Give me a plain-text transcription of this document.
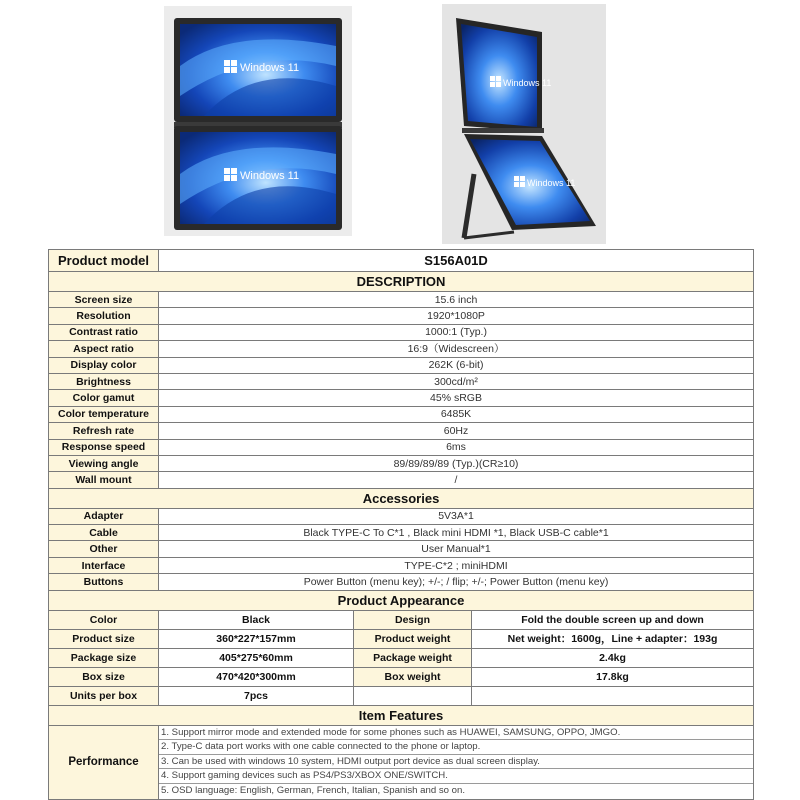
Windows 11
Windows 11
Windows 11
Windows 11
Product model	S156A01D		
DESCRIPTION			
Screen size	15.6 inch		
Resolution	1920*1080P		
Contrast ratio	1000:1 (Typ.)		
Aspect ratio	16:9（Widescreen）		
Display color	262K (6-bit)		
Brightness	300cd/m²		
Color gamut	45% sRGB		
Color temperature	6485K		
Refresh rate	60Hz		
Response speed	6ms		
Viewing angle	89/89/89/89 (Typ.)(CR≥10)		
Wall mount	/		
Accessories			
Adapter	5V3A*1		
Cable	Black TYPE-C To C*1 , Black mini HDMI *1, Black USB-C cable*1		
Other	User Manual*1		
Interface	TYPE-C*2 ; miniHDMI		
Buttons	Power Button (menu key); +/-; / flip; +/-; Power Button (menu key)		
Product Appearance			
Color	Black	Design	Fold the double screen up and down
Product size	360*227*157mm	Product weight	Net weight：1600g，Line + adapter：193g
Package size	405*275*60mm	Package weight	2.4kg
Box size	470*420*300mm	Box weight	17.8kg
Units per box	7pcs		
Item Features			
Performance	1. Support mirror mode and extended mode for some phones such as HUAWEI, SAMSUNG, OPPO, JMGO.
2. Type-C data port works with one cable connected to the phone or laptop.
3. Can be used with windows 10 system, HDMI output port device as dual screen display.
4. Support gaming devices such as PS4/PS3/XBOX ONE/SWITCH.
5. OSD language: English, German, French, Italian, Spanish and so on.		
